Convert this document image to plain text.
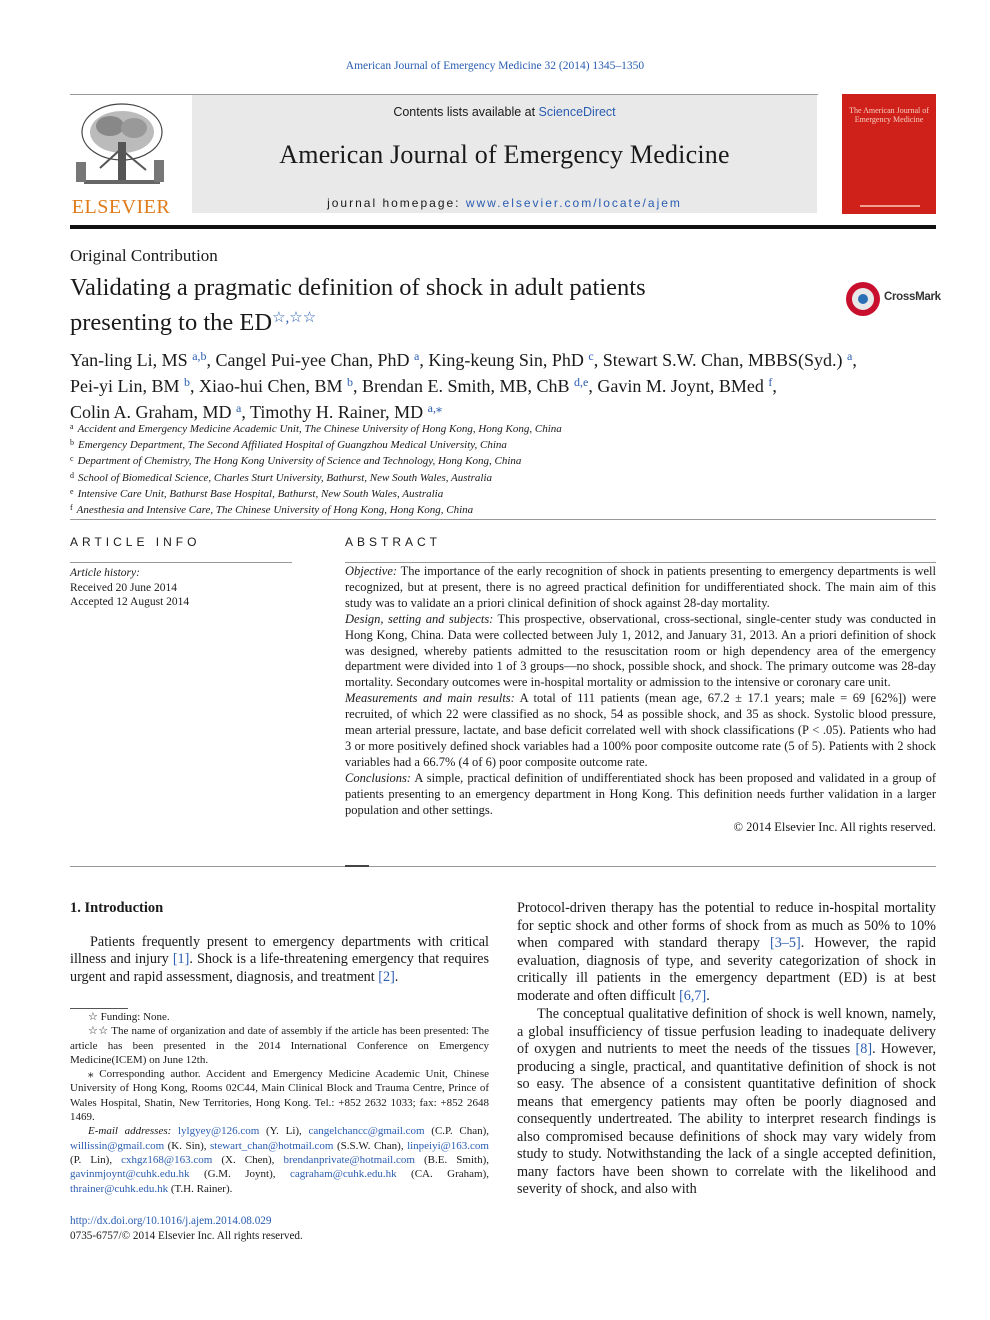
American Journal of Emergency Medicine 32 (2014) 1345–1350
ELSEVIER
Contents lists available at ScienceDirect
American Journal of Emergency Medicine
journal homepage: www.elsevier.com/locate/ajem
The American Journal of Emergency Medicine
Original Contribution
Validating a pragmatic definition of shock in adult patients
presenting to the ED☆,☆☆
CrossMark
Yan-ling Li, MS $^{a,b}$, Cangel Pui-yee Chan, PhD $^a$, King-keung Sin, PhD $^c$, Stewart S.W. Chan, MBBS(Syd.) $^a$,
Pei-yi Lin, BM $^b$, Xiao-hui Chen, BM $^b$, Brendan E. Smith, MB, ChB $^{d,e}$, Gavin M. Joynt, BMed $^f$,
Colin A. Graham, MD $^a$, Timothy H. Rainer, MD $^{a,⁎}$
$^a$ Accident and Emergency Medicine Academic Unit, The Chinese University of Hong Kong, Hong Kong, China
$^b$ Emergency Department, The Second Affiliated Hospital of Guangzhou Medical University, China
$^c$ Department of Chemistry, The Hong Kong University of Science and Technology, Hong Kong, China
$^d$ School of Biomedical Science, Charles Sturt University, Bathurst, New South Wales, Australia
$^e$ Intensive Care Unit, Bathurst Base Hospital, Bathurst, New South Wales, Australia
$^f$ Anesthesia and Intensive Care, The Chinese University of Hong Kong, Hong Kong, China
ARTICLE INFO
Article history:
Received 20 June 2014
Accepted 12 August 2014
ABSTRACT

Objective: The importance of the early recognition of shock in patients presenting to emergency departments is well recognized, but at present, there is no agreed practical definition for undifferentiated shock. The main aim of this study was to validate an a priori clinical definition of shock against 28-day mortality.

Design, setting and subjects: This prospective, observational, cross-sectional, single-center study was conducted in Hong Kong, China. Data were collected between July 1, 2012, and January 31, 2013. An a priori definition of shock was designed, whereby patients admitted to the resuscitation room or high dependency area of the emergency department were divided into 1 of 3 groups—no shock, possible shock, and shock. The primary outcome was 28-day mortality. Secondary outcomes were in-hospital mortality or admission to the intensive or coronary care unit.

Measurements and main results: A total of 111 patients (mean age, 67.2 ± 17.1 years; male = 69 [62%]) were recruited, of which 22 were classified as no shock, 54 as possible shock, and 35 as shock. Systolic blood pressure, mean arterial pressure, lactate, and base deficit correlated well with shock classifications (P < .05). Patients who had 3 or more positively defined shock variables had a 100% poor composite outcome rate (5 of 5). Patients with 2 shock variables had a 66.7% (4 of 6) poor composite outcome rate.

Conclusions: A simple, practical definition of undifferentiated shock has been proposed and validated in a group of patients presenting to an emergency department in Hong Kong. This definition needs further validation in a larger population and other settings.

© 2014 Elsevier Inc. All rights reserved.

1. Introduction

Patients frequently present to emergency departments with critical illness and injury [1]. Shock is a life-threatening emergency that requires urgent and rapid assessment, diagnosis, and treatment [2].

☆ Funding: None.

☆☆ The name of organization and date of assembly if the article has been presented: The article has been presented in the 2014 International Conference on Emergency Medicine(ICEM) on June 12th.

⁎ Corresponding author. Accident and Emergency Medicine Academic Unit, Chinese University of Hong Kong, Rooms 02C44, Main Clinical Block and Trauma Centre, Prince of Wales Hospital, Shatin, New Territories, Hong Kong. Tel.: +852 2632 1033; fax: +852 2648 1469.

E-mail addresses: lylgyey@126.com (Y. Li), cangelchancc@gmail.com (C.P. Chan), willissin@gmail.com (K. Sin), stewart_chan@hotmail.com (S.S.W. Chan), linpeiyi@163.com (P. Lin), cxhgz168@163.com (X. Chen), brendanprivate@hotmail.com (B.E. Smith), gavinmjoynt@cuhk.edu.hk (G.M. Joynt), cagraham@cuhk.edu.hk (CA. Graham), thrainer@cuhk.edu.hk (T.H. Rainer).

http://dx.doi.org/10.1016/j.ajem.2014.08.029
0735-6757/© 2014 Elsevier Inc. All rights reserved.

Protocol-driven therapy has the potential to reduce in-hospital mortality for septic shock and other forms of shock from as much as 50% to 10% when compared with standard therapy [3–5]. However, the rapid evaluation, diagnosis of type, and severity categorization of shock in critically ill patients in the emergency department (ED) is at best moderate and often difficult [6,7].

The conceptual qualitative definition of shock is well known, namely, a global insufficiency of tissue perfusion leading to inadequate delivery of oxygen and nutrients to meet the needs of the tissues [8]. However, producing a single, practical, and quantitative definition of shock is not so easy. The absence of a consistent quantitative definition of shock means that emergency patients may often be poorly diagnosed and consequently undertreated. The ability to interpret research findings is also compromised because definitions of shock may vary widely from study to study. Notwithstanding the lack of a single accepted definition, many factors have been shown to correlate with the likelihood and severity of shock, and also with
